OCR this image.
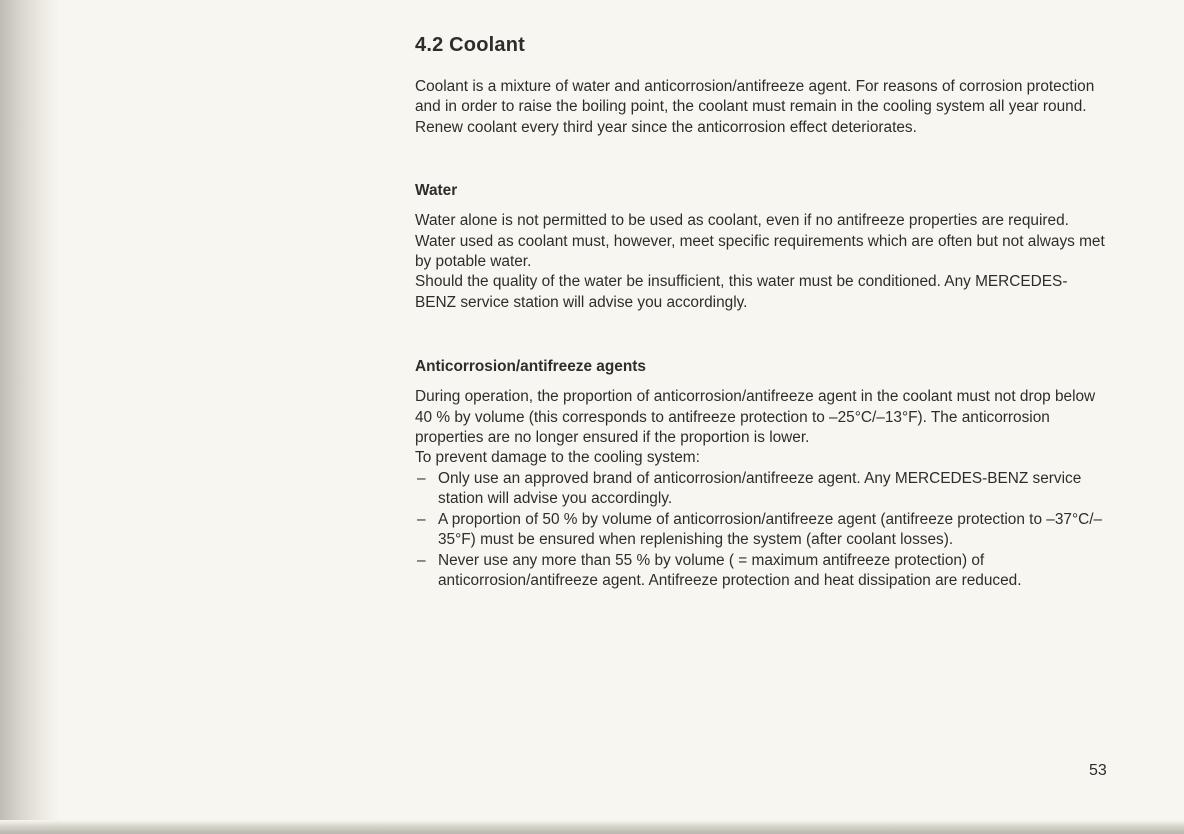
4.2 Coolant

Coolant is a mixture of water and anticorrosion/antifreeze agent. For reasons of corrosion protection and in order to raise the boiling point, the coolant must remain in the cooling system all year round. Renew coolant every third year since the anticorrosion effect deteriorates.

Water

Water alone is not permitted to be used as coolant, even if no antifreeze properties are required. Water used as coolant must, however, meet specific requirements which are often but not always met by potable water.

Should the quality of the water be insufficient, this water must be conditioned. Any MERCEDES-BENZ service station will advise you accordingly.

Anticorrosion/antifreeze agents

During operation, the proportion of anticorrosion/antifreeze agent in the coolant must not drop below 40 % by volume (this corresponds to antifreeze protection to –25°C/–13°F). The anticorrosion properties are no longer ensured if the proportion is lower.

To prevent damage to the cooling system:

– Only use an approved brand of anticorrosion/antifreeze agent. Any MERCEDES-BENZ service station will advise you accordingly.
– A proportion of 50 % by volume of anticorrosion/antifreeze agent (antifreeze protection to –37°C/–35°F) must be ensured when replenishing the system (after coolant losses).
– Never use any more than 55 % by volume ( = maximum antifreeze protection) of anticorrosion/antifreeze agent. Antifreeze protection and heat dissipation are reduced.
53
